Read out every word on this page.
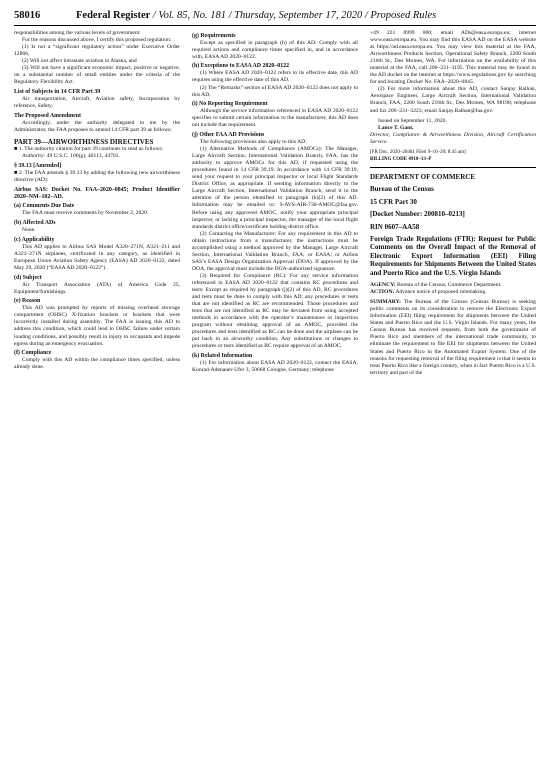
58016	Federal Register / Vol. 85, No. 181 / Thursday, September 17, 2020 / Proposed Rules

responsibilities among the various levels of government.

For the reasons discussed above, I certify this proposed regulation:

(1) Is not a “significant regulatory action” under Executive Order 12866,

(2) Will not affect intrastate aviation in Alaska, and

(3) Will not have a significant economic impact, positive or negative, on a substantial number of small entities under the criteria of the Regulatory Flexibility Act.

List of Subjects in 14 CFR Part 39

Air transportation, Aircraft, Aviation safety, Incorporation by reference, Safety.

The Proposed Amendment

Accordingly, under the authority delegated to me by the Administrator, the FAA proposes to amend 14 CFR part 39 as follows:

PART 39—AIRWORTHINESS DIRECTIVES

■ 1. The authority citation for part 39 continues to read as follows:

Authority: 49 U.S.C. 106(g), 40113, 44701.

§ 39.13 [Amended]

■ 2. The FAA amends § 39.13 by adding the following new airworthiness directive (AD):

Airbus SAS: Docket No. FAA–2020–0845; Product Identifier 2020–NM–102–AD.

(a) Comments Due Date

The FAA must receive comments by November 2, 2020.

(b) Affected ADs

None.

(c) Applicability

This AD applies to Airbus SAS Model A320–271N, A321–211 and A321–271N airplanes, certificated in any category, as identified in European Union Aviation Safety Agency (EASA) AD 2020–0122, dated May 29, 2020 (“EASA AD 2020–0122”).

(d) Subject

Air Transport Association (ATA) of America Code 25, Equipment/furnishings.

(e) Reason

This AD was prompted by reports of missing overhead stowage compartment (OHSC) X-fixation brackets or brackets that were incorrectly installed during assembly. The FAA is issuing this AD to address this condition, which could lead to OHSC failure under certain loading conditions, and possibly result in injury to occupants and impede egress during an emergency evacuation.

(f) Compliance

Comply with this AD within the compliance times specified, unless already done.

(g) Requirements

Except as specified in paragraph (h) of this AD: Comply with all required actions and compliance times specified in, and in accordance with, EASA AD 2020–0122.

(h) Exceptions to EASA AD 2020–0122

(1) Where EASA AD 2020–0122 refers to its effective date, this AD requires using the effective date of this AD.

(2) The “Remarks” section of EASA AD 2020–0122 does not apply to this AD.

(i) No Reporting Requirement

Although the service information referenced in EASA AD 2020–0122 specifies to submit certain information to the manufacturer, this AD does not include that requirement.

(j) Other FAA AD Provisions

The following provisions also apply to this AD:

(1) Alternative Methods of Compliance (AMOCs): The Manager, Large Aircraft Section, International Validation Branch, FAA, has the authority to approve AMOCs for this AD, if requested using the procedures found in 14 CFR 39.19. In accordance with 14 CFR 39.19, send your request to your principal inspector or local Flight Standards District Office, as appropriate. If sending information directly to the Large Aircraft Section, International Validation Branch, send it to the attention of the person identified in paragraph (k)(2) of this AD. Information may be emailed to: 9-AVS-AIR-730-AMOC@faa.gov. Before using any approved AMOC, notify your appropriate principal inspector, or lacking a principal inspector, the manager of the local flight standards district office/certificate holding district office.

(2) Contacting the Manufacturer: For any requirement in this AD to obtain instructions from a manufacturer, the instructions must be accomplished using a method approved by the Manager, Large Aircraft Section, International Validation Branch, FAA; or EASA; or Airbus SAS’s EASA Design Organization Approval (DOA). If approved by the DOA, the approval must include the DOA-authorized signature.

(3) Required for Compliance (RC): For any service information referenced in EASA AD 2020–0122 that contains RC procedures and tests: Except as required by paragraph (j)(2) of this AD, RC procedures and tests must be done to comply with this AD; any procedures or tests that are not identified as RC are recommended. Those procedures and tests that are not identified as RC may be deviated from using accepted methods in accordance with the operator’s maintenance or inspection program without obtaining approval of an AMOC, provided the procedures and tests identified as RC can be done and the airplane can be put back in an airworthy condition. Any substitutions or changes to procedures or tests identified as RC require approval of an AMOC.

(k) Related Information

(1) For information about EASA AD 2020–0122, contact the EASA, Konrad-Adenauer-Ufer 3, 50668 Cologne, Germany; telephone

+49 221 8999 000; email ADs@easa.europa.eu; internet www.easa.europa.eu. You may find this EASA AD on the EASA website at https://ad.easa.europa.eu. You may view this material at the FAA, Airworthiness Products Section, Operational Safety Branch, 2200 South 216th St., Des Moines, WA. For information on the availability of this material at the FAA, call 206–231–3195. This material may be found in the AD docket on the internet at https://www.regulations.gov by searching for and locating Docket No. FAA–2020–0845.

(2) For more information about this AD, contact Sanjay Ralhan, Aerospace Engineer, Large Aircraft Section, International Validation Branch, FAA, 2200 South 216th St., Des Moines, WA 98198; telephone and fax 206–231–3223; email Sanjay.Ralhan@faa.gov.

Issued on September 11, 2020.

Lance T. Gant,

Director, Compliance & Airworthiness Division, Aircraft Certification Service.

[FR Doc. 2020–20481 Filed 9–16–20; 8:45 am]

BILLING CODE 4910–13–P

DEPARTMENT OF COMMERCE

Bureau of the Census

15 CFR Part 30

[Docket Number: 200810–0213]

RIN 0607–AA58

Foreign Trade Regulations (FTR): Request for Public Comments on the Overall Impact of the Removal of Electronic Export Information (EEI) Filing Requirements for Shipments Between the United States and Puerto Rico and the U.S. Virgin Islands

AGENCY: Bureau of the Census, Commerce Department.

ACTION: Advance notice of proposed rulemaking.

SUMMARY: The Bureau of the Census (Census Bureau) is seeking public comments on its consideration to remove the Electronic Export Information (EEI) filing requirement for shipments between the United States and Puerto Rico and the U.S. Virgin Islands. For many years, the Census Bureau has received requests, from both the government of Puerto Rico and members of the international trade community, to eliminate the requirement to file EEI for shipments between the United States and Puerto Rico in the Automated Export System. One of the reasons for requesting removal of the filing requirement is that it seems to treat Puerto Rico like a foreign country, when in fact Puerto Rico is a U.S. territory and part of the
